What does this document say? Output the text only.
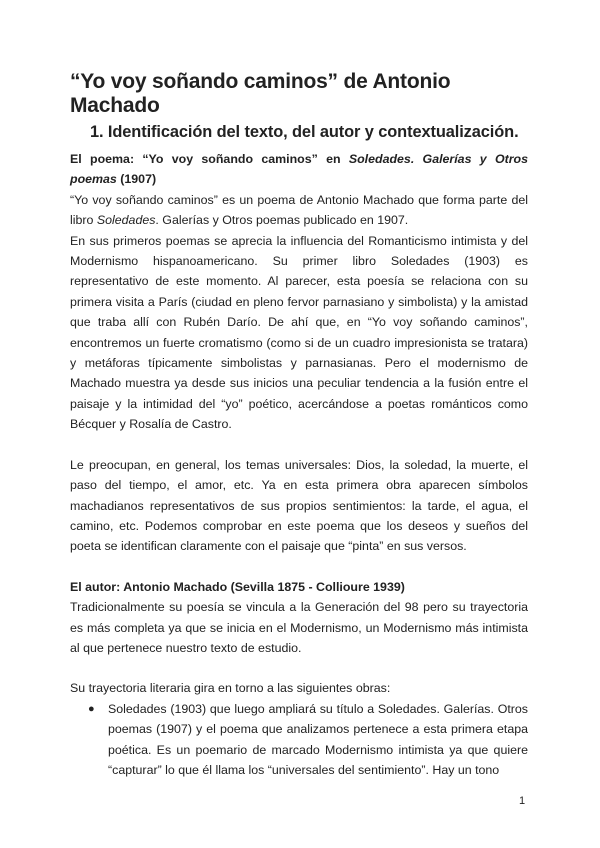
“Yo voy soñando caminos” de Antonio Machado
1. Identificación del texto, del autor y contextualización.

El poema: “Yo voy soñando caminos” en Soledades. Galerías y Otros poemas (1907)

“Yo voy soñando caminos” es un poema de Antonio Machado que forma parte del libro Soledades. Galerías y Otros poemas publicado en 1907.

En sus primeros poemas se aprecia la influencia del Romanticismo intimista y del Modernismo hispanoamericano. Su primer libro Soledades (1903) es representativo de este momento. Al parecer, esta poesía se relaciona con su primera visita a París (ciudad en pleno fervor parnasiano y simbolista) y la amistad que traba allí con Rubén Darío. De ahí que, en “Yo voy soñando caminos”, encontremos un fuerte cromatismo (como si de un cuadro impresionista se tratara) y metáforas típicamente simbolistas y parnasianas. Pero el modernismo de Machado muestra ya desde sus inicios una peculiar tendencia a la fusión entre el paisaje y la intimidad del “yo” poético, acercándose a poetas románticos como Bécquer y Rosalía de Castro.

Le preocupan, en general, los temas universales: Dios, la soledad, la muerte, el paso del tiempo, el amor, etc. Ya en esta primera obra aparecen símbolos machadianos representativos de sus propios sentimientos: la tarde, el agua, el camino, etc. Podemos comprobar en este poema que los deseos y sueños del poeta se identifican claramente con el paisaje que “pinta” en sus versos.

El autor: Antonio Machado (Sevilla 1875 - Collioure 1939)

Tradicionalmente su poesía se vincula a la Generación del 98 pero su trayectoria es más completa ya que se inicia en el Modernismo, un Modernismo más intimista al que pertenece nuestro texto de estudio.

Su trayectoria literaria gira en torno a las siguientes obras:

● Soledades (1903) que luego ampliará su título a Soledades. Galerías. Otros poemas (1907) y el poema que analizamos pertenece a esta primera etapa poética. Es un poemario de marcado Modernismo intimista ya que quiere “capturar” lo que él llama los “universales del sentimiento”. Hay un tono
1
